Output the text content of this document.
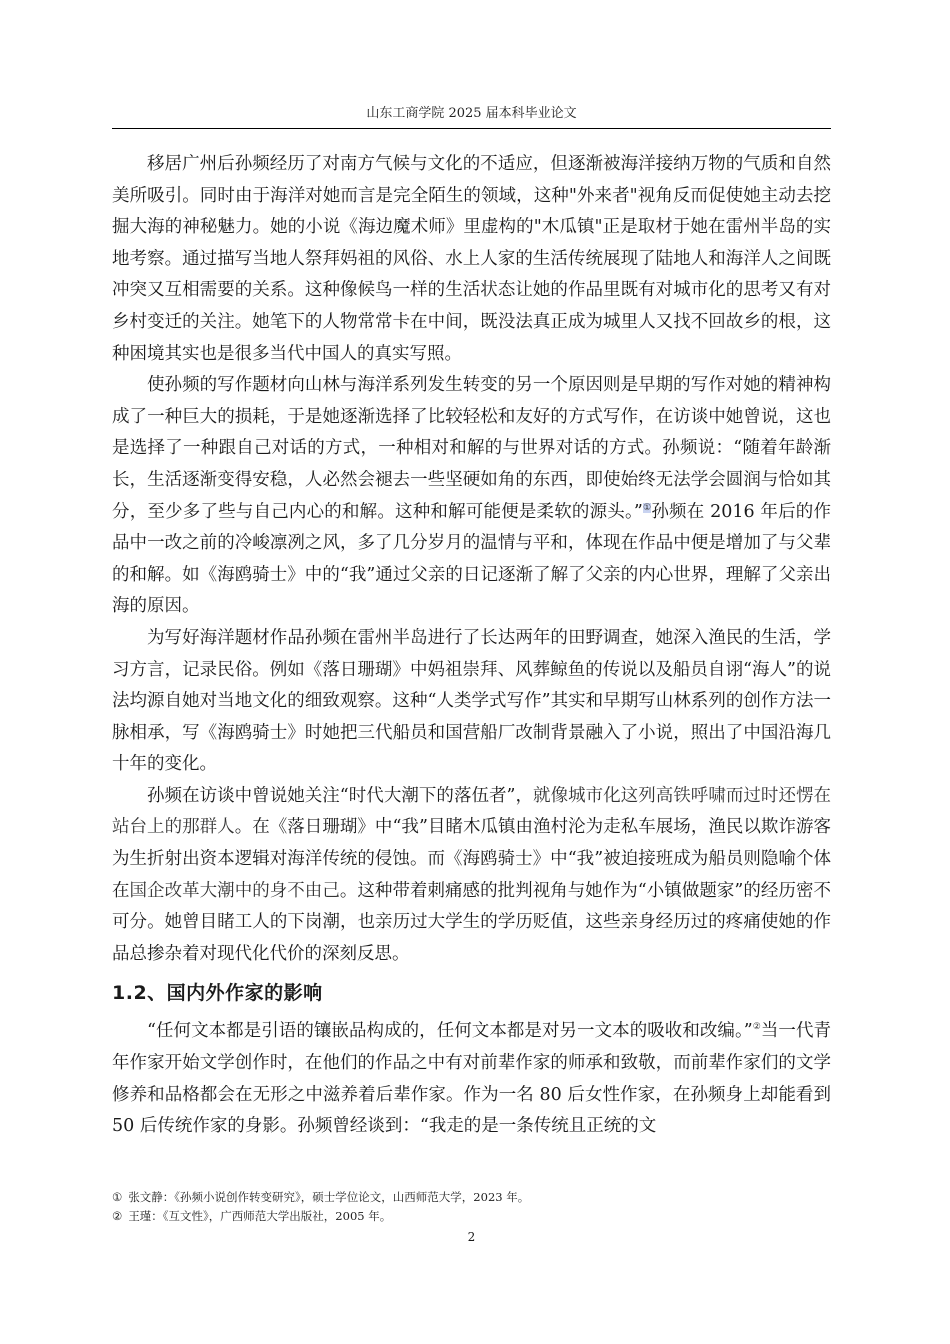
山东工商学院 2025 届本科毕业论文

移居广州后孙频经历了对南方气候与文化的不适应，但逐渐被海洋接纳万物的气质和自然美所吸引。同时由于海洋对她而言是完全陌生的领域，这种"外来者"视角反而促使她主动去挖掘大海的神秘魅力。她的小说《海边魔术师》里虚构的"木瓜镇"正是取材于她在雷州半岛的实地考察。通过描写当地人祭拜妈祖的风俗、水上人家的生活传统展现了陆地人和海洋人之间既冲突又互相需要的关系。这种像候鸟一样的生活状态让她的作品里既有对城市化的思考又有对乡村变迁的关注。她笔下的人物常常卡在中间，既没法真正成为城里人又找不回故乡的根，这种困境其实也是很多当代中国人的真实写照。

使孙频的写作题材向山林与海洋系列发生转变的另一个原因则是早期的写作对她的精神构成了一种巨大的损耗，于是她逐渐选择了比较轻松和友好的方式写作，在访谈中她曾说，这也是选择了一种跟自己对话的方式，一种相对和解的与世界对话的方式。孙频说：“随着年龄渐长，生活逐渐变得安稳，人必然会褪去一些坚硬如角的东西，即使始终无法学会圆润与恰如其分，至少多了些与自己内心的和解。这种和解可能便是柔软的源头。”①孙频在 2016 年后的作品中一改之前的冷峻凛冽之风，多了几分岁月的温情与平和，体现在作品中便是增加了与父辈的和解。如《海鸥骑士》中的“我”通过父亲的日记逐渐了解了父亲的内心世界，理解了父亲出海的原因。

为写好海洋题材作品孙频在雷州半岛进行了长达两年的田野调查，她深入渔民的生活，学习方言，记录民俗。例如《落日珊瑚》中妈祖崇拜、风葬鲸鱼的传说以及船员自诩“海人”的说法均源自她对当地文化的细致观察。这种“人类学式写作”其实和早期写山林系列的创作方法一脉相承，写《海鸥骑士》时她把三代船员和国营船厂改制背景融入了小说，照出了中国沿海几十年的变化。

孙频在访谈中曾说她关注“时代大潮下的落伍者”，就像城市化这列高铁呼啸而过时还愣在站台上的那群人。在《落日珊瑚》中“我”目睹木瓜镇由渔村沦为走私车展场，渔民以欺诈游客为生折射出资本逻辑对海洋传统的侵蚀。而《海鸥骑士》中“我”被迫接班成为船员则隐喻个体在国企改革大潮中的身不由己。这种带着刺痛感的批判视角与她作为“小镇做题家”的经历密不可分。她曾目睹工人的下岗潮，也亲历过大学生的学历贬值，这些亲身经历过的疼痛使她的作品总掺杂着对现代化代价的深刻反思。

1.2、国内外作家的影响

“任何文本都是引语的镶嵌品构成的，任何文本都是对另一文本的吸收和改编。”②当一代青年作家开始文学创作时，在他们的作品之中有对前辈作家的师承和致敬，而前辈作家们的文学修养和品格都会在无形之中滋养着后辈作家。作为一名 80 后女性作家，在孙频身上却能看到 50 后传统作家的身影。孙频曾经谈到：“我走的是一条传统且正统的文

① 张文静：《孙频小说创作转变研究》，硕士学位论文，山西师范大学，2023 年。
② 王瑾：《互文性》，广西师范大学出版社，2005 年。
2
